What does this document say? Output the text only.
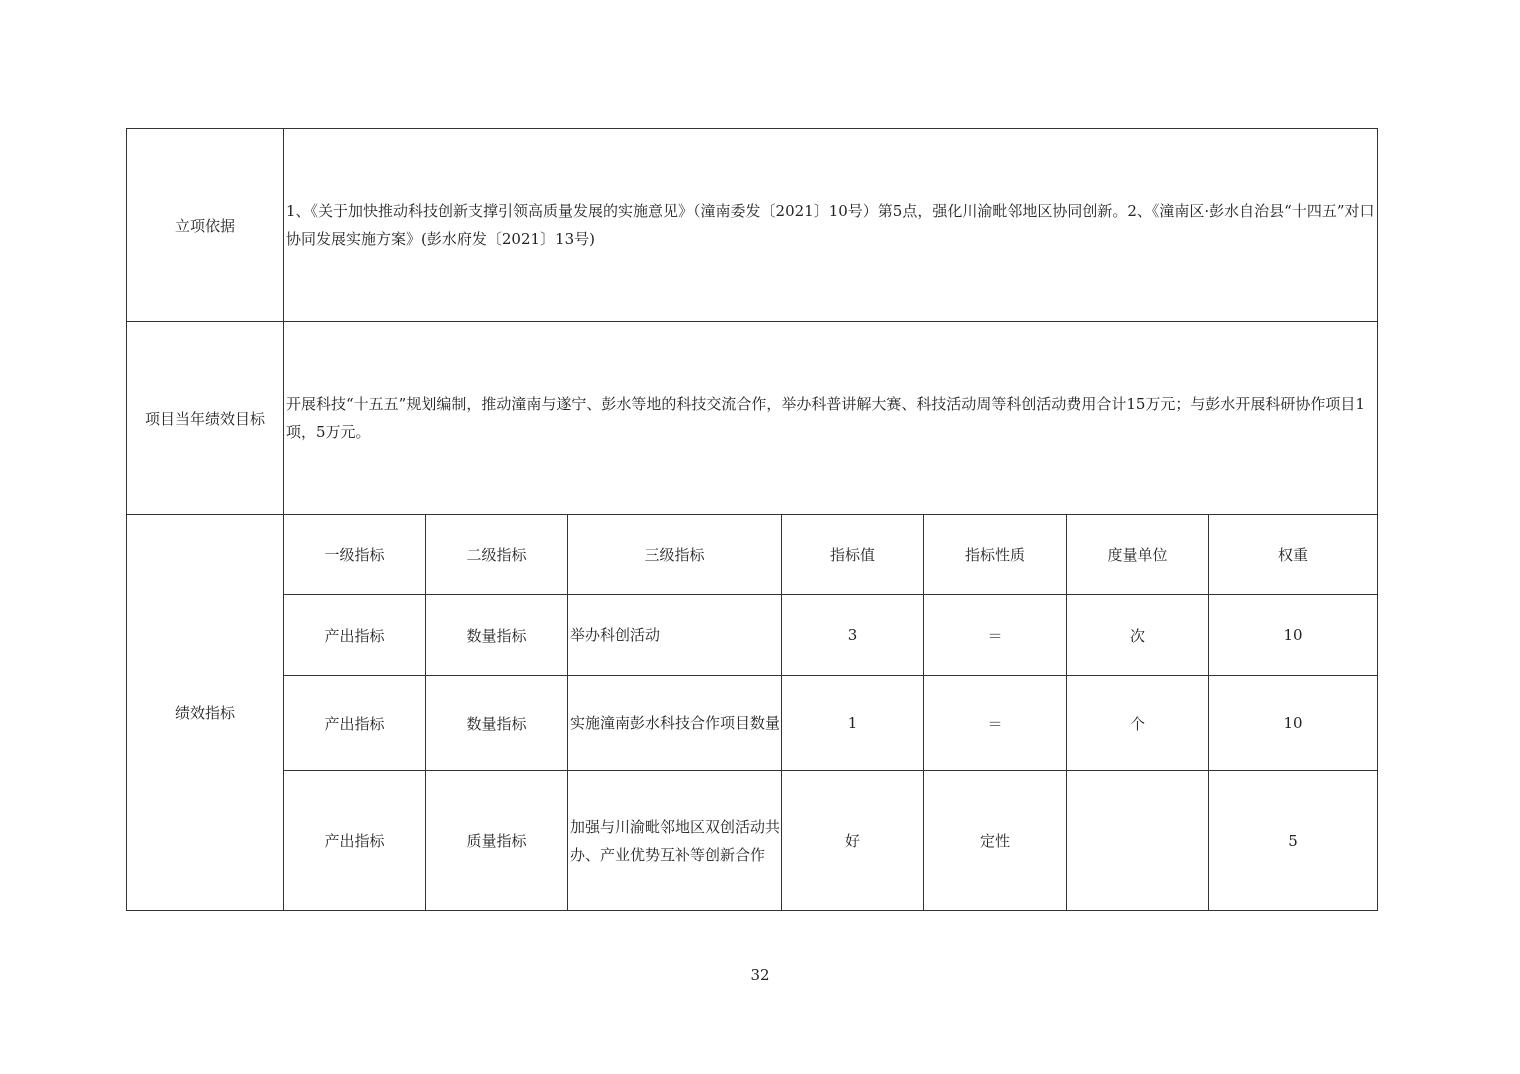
立项依据	1、《关于加快推动科技创新支撑引领高质量发展的实施意见》（潼南委发〔2021〕10号）第5点，强化川渝毗邻地区协同创新。2、《潼南区·彭水自治县“十四五”对口协同发展实施方案》(彭水府发〔2021〕13号)						
项目当年绩效目标	开展科技“十五五”规划编制，推动潼南与遂宁、彭水等地的科技交流合作，举办科普讲解大赛、科技活动周等科创活动费用合计15万元；与彭水开展科研协作项目1项，5万元。						
绩效指标	一级指标	二级指标	三级指标	指标值	指标性质	度量单位	权重
	产出指标	数量指标	举办科创活动	3	＝	次	10
	产出指标	数量指标	实施潼南彭水科技合作项目数量	1	＝	个	10
	产出指标	质量指标	加强与川渝毗邻地区双创活动共办、产业优势互补等创新合作	好	定性		5
32
